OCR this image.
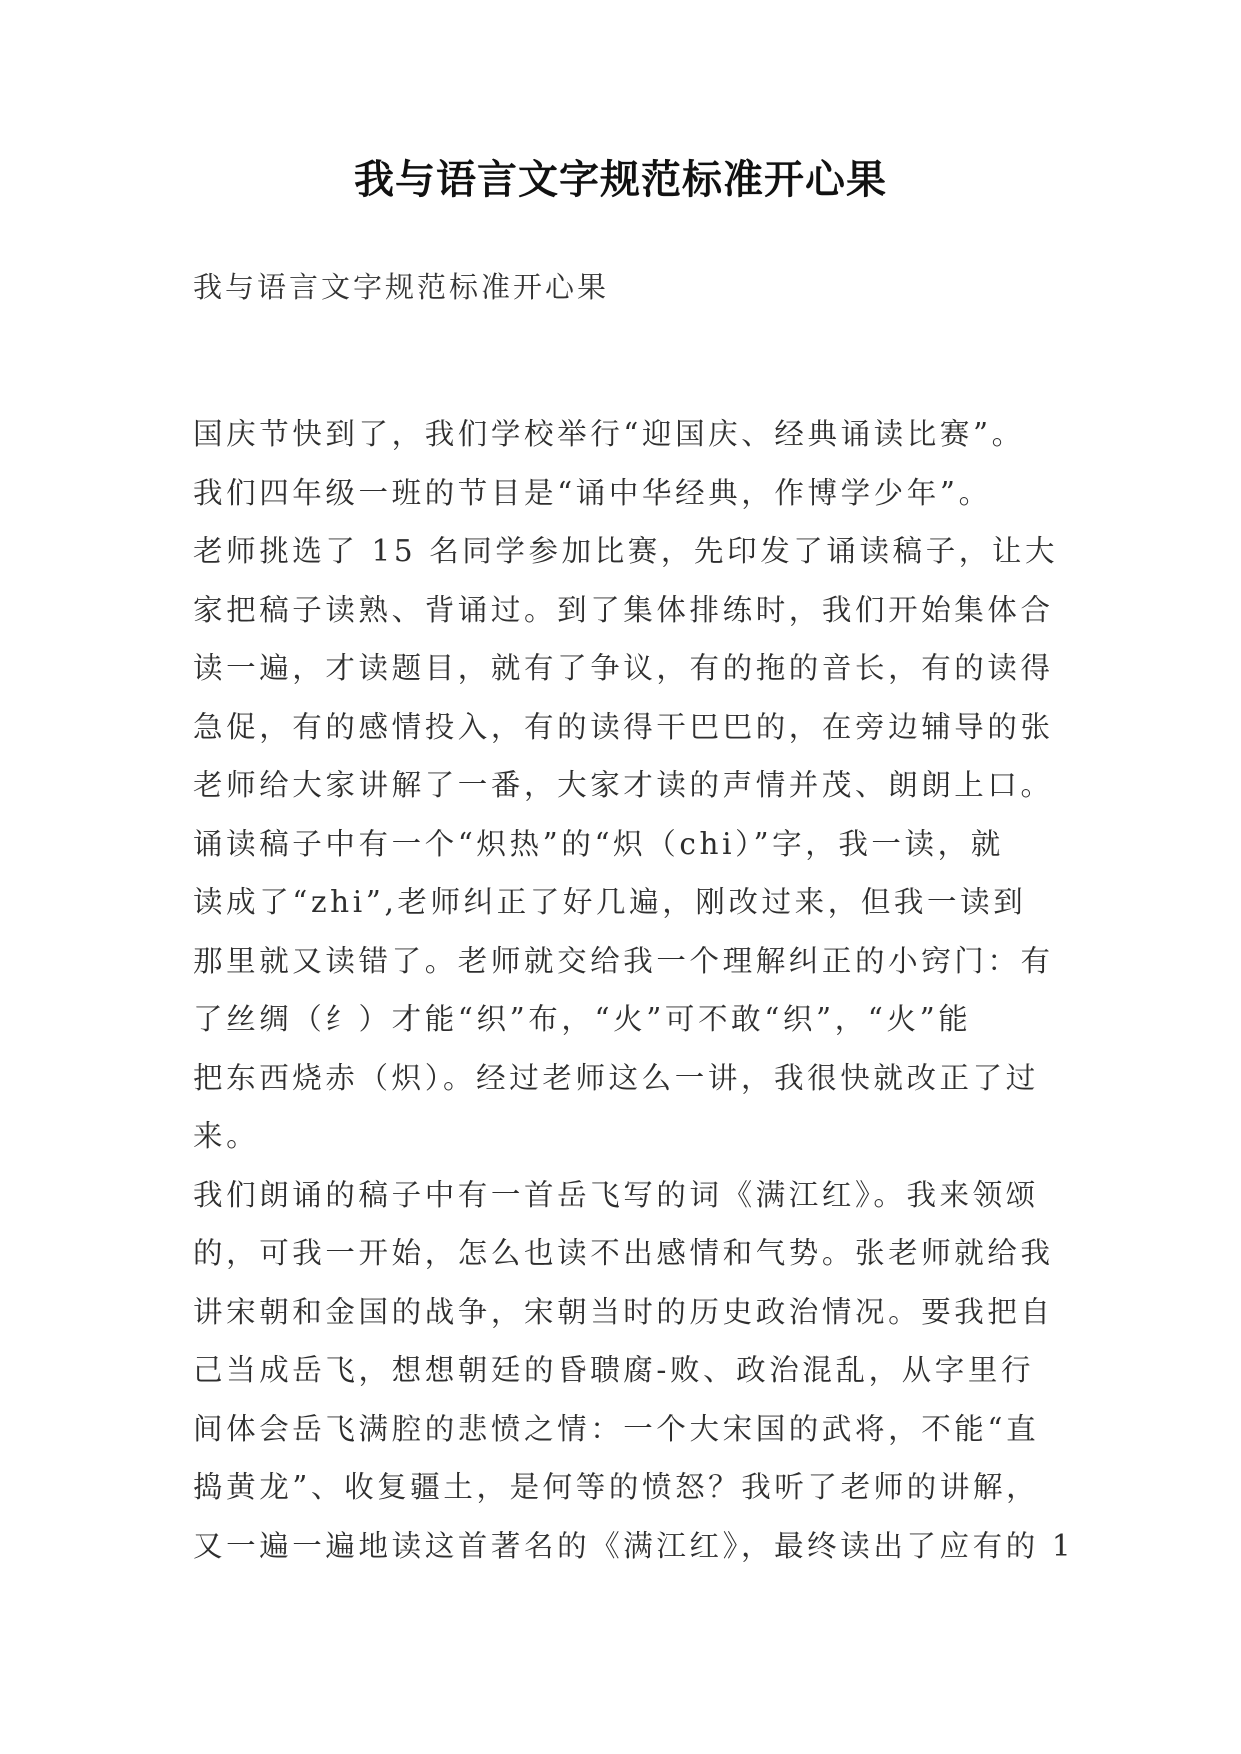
我与语言文字规范标准开心果
我与语言文字规范标准开心果
国庆节快到了，我们学校举行“迎国庆、经典诵读比赛”。
我们四年级一班的节目是“诵中华经典，作博学少年”。
老师挑选了 15 名同学参加比赛，先印发了诵读稿子，让大
家把稿子读熟、背诵过。到了集体排练时，我们开始集体合
读一遍，才读题目，就有了争议，有的拖的音长，有的读得
急促，有的感情投入，有的读得干巴巴的，在旁边辅导的张
老师给大家讲解了一番，大家才读的声情并茂、朗朗上口。
诵读稿子中有一个“炽热”的“炽（chi）”字，我一读，就
读成了“zhi”,老师纠正了好几遍，刚改过来，但我一读到
那里就又读错了。老师就交给我一个理解纠正的小窍门：有
了丝绸（纟）才能“织”布，“火”可不敢“织”，“火”能
把东西烧赤（炽）。经过老师这么一讲，我很快就改正了过
来。
我们朗诵的稿子中有一首岳飞写的词《满江红》。我来领颂
的，可我一开始，怎么也读不出感情和气势。张老师就给我
讲宋朝和金国的战争，宋朝当时的历史政治情况。要我把自
己当成岳飞，想想朝廷的昏聩腐-败、政治混乱，从字里行
间体会岳飞满腔的悲愤之情：一个大宋国的武将，不能“直
捣黄龙”、收复疆土，是何等的愤怒？我听了老师的讲解，
又一遍一遍地读这首著名的《满江红》，最终读出了应有的 1
